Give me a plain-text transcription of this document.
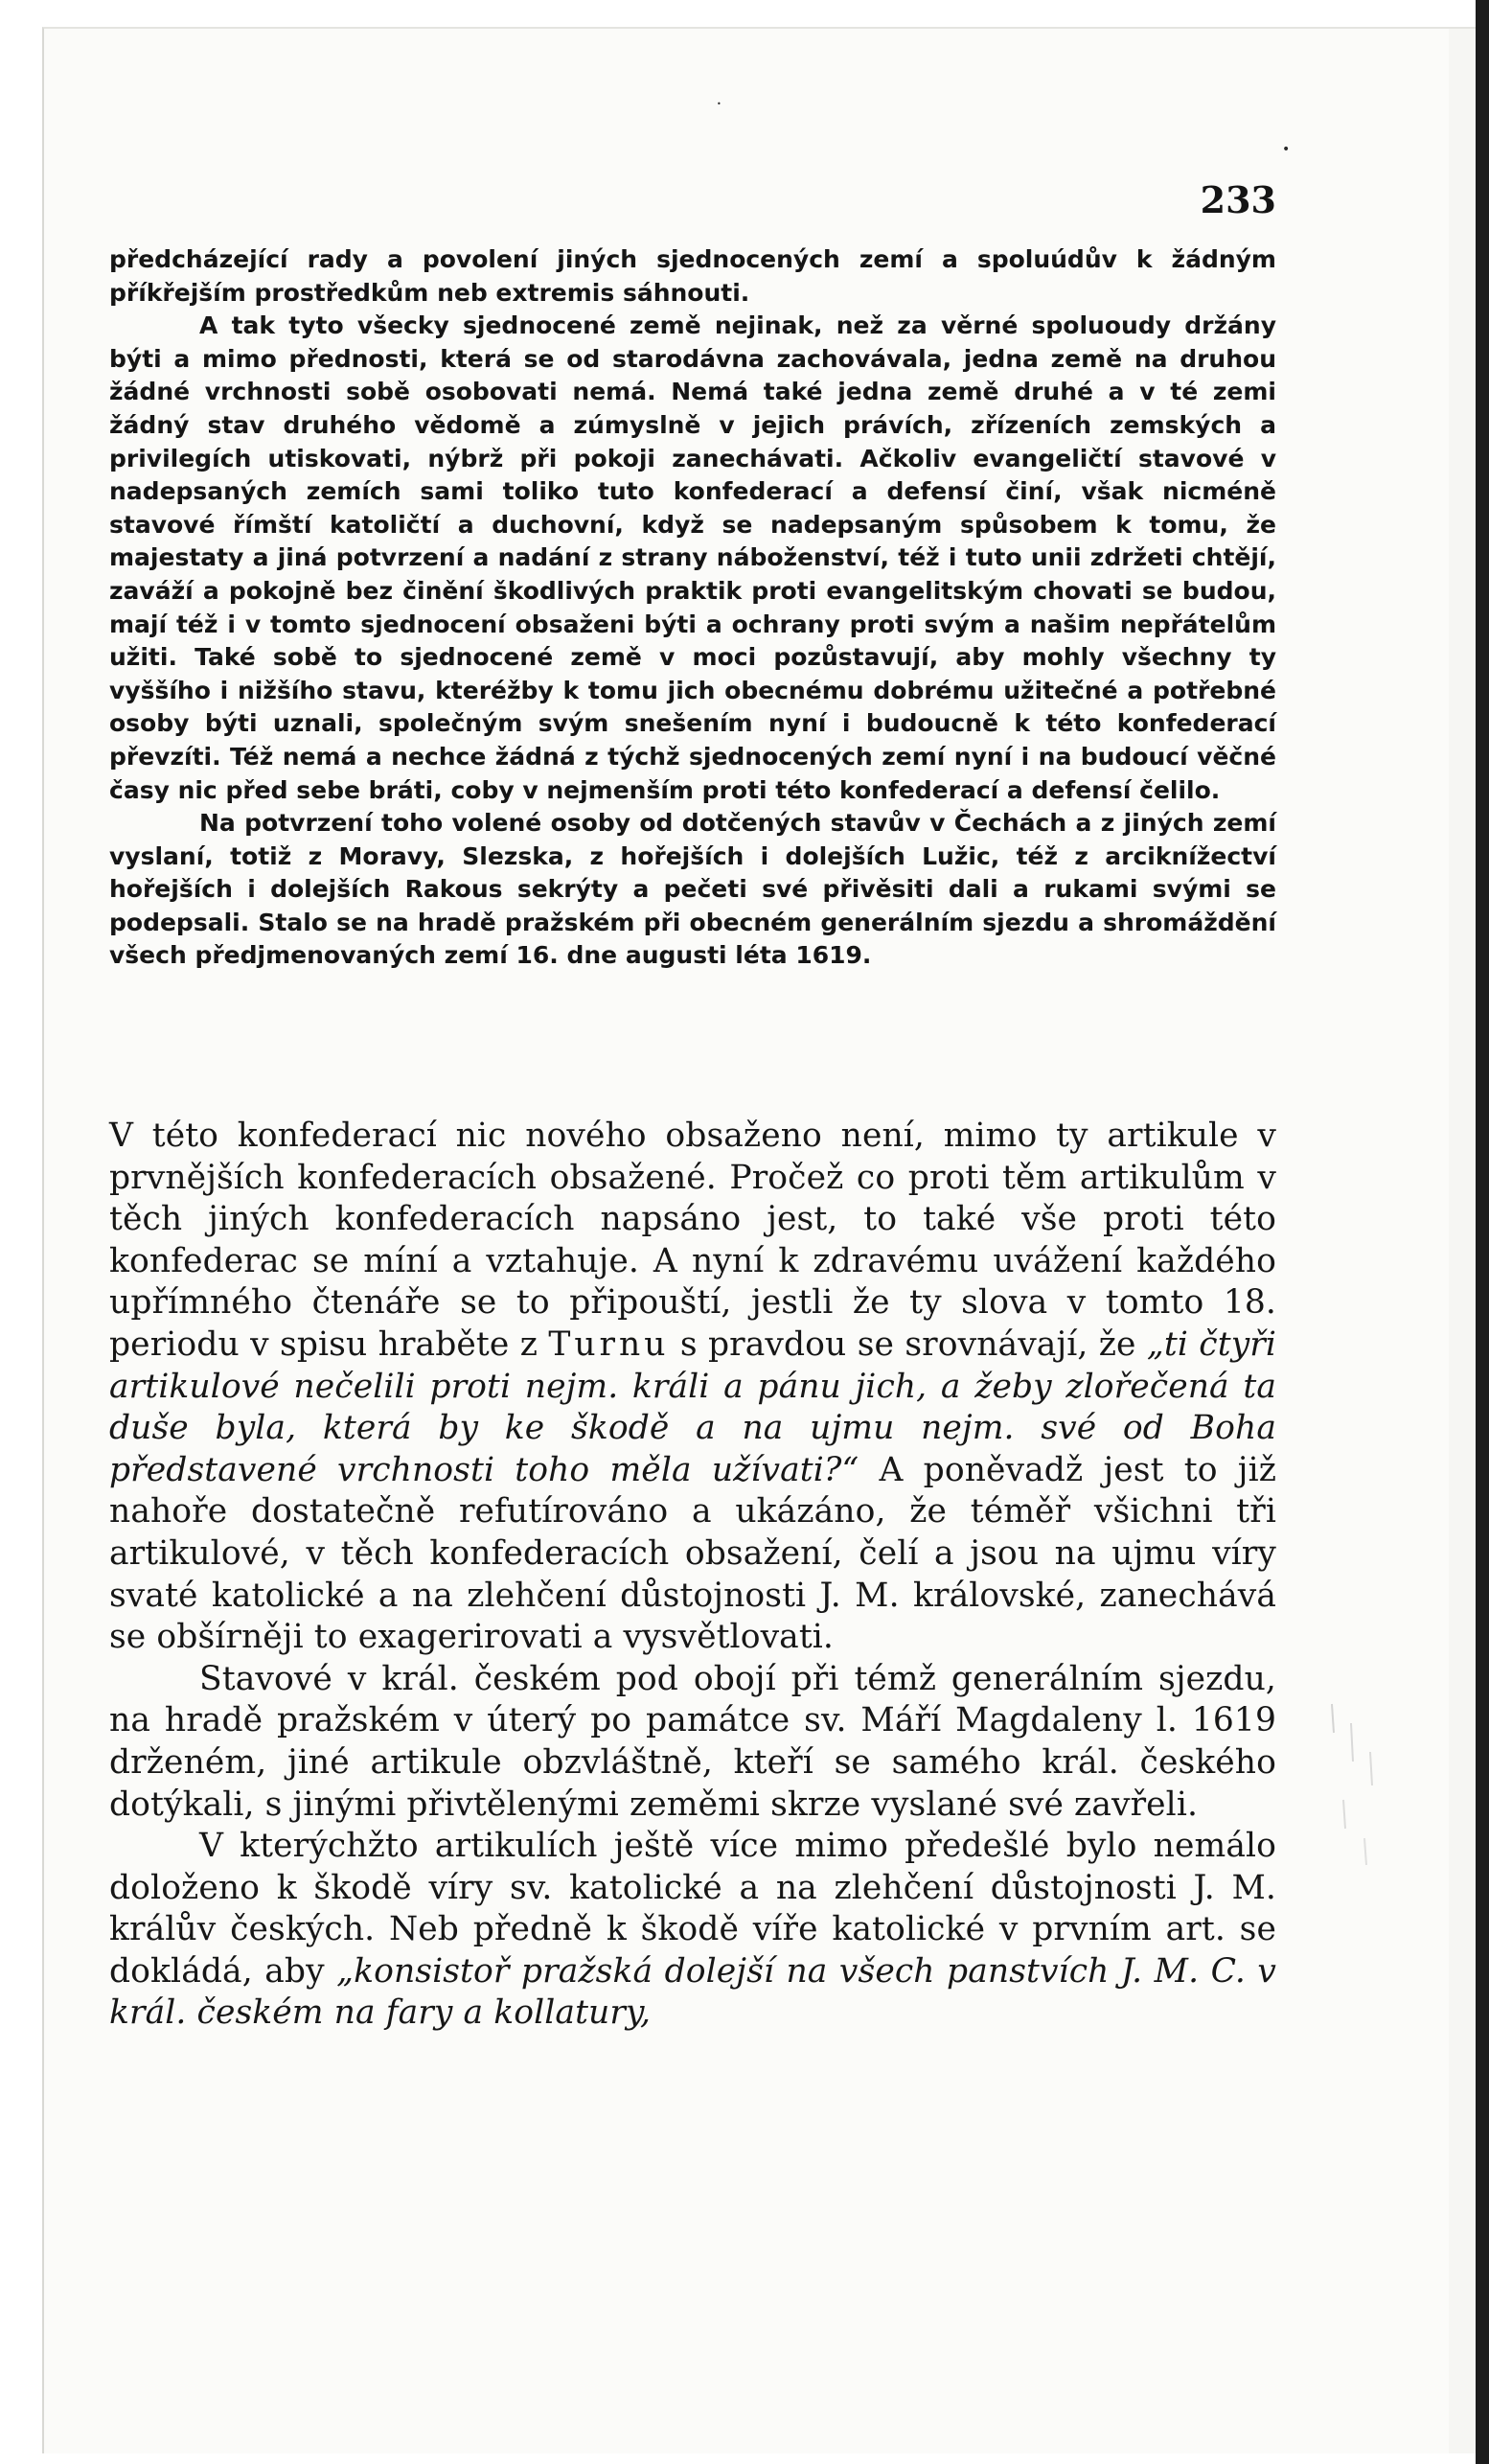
•
•
233

předcházející rady a povolení jiných sjednocených zemí a spoluúdův k žádným příkřejším prostředkům neb extremis sáhnouti.

A tak tyto všecky sjednocené země nejinak, než za věrné spoluoudy držány býti a mimo přednosti, která se od starodávna zachovávala, jedna země na druhou žádné vrchnosti sobě osobovati nemá. Nemá také jedna země druhé a v té zemi žádný stav druhého vědomě a zúmyslně v jejich právích, zřízeních zemských a privilegích utiskovati, nýbrž při pokoji zanechávati. Ačkoliv evangeličtí stavové v nadepsaných zemích sami toliko tuto konfederací a defensí činí, však nicméně stavové římští katoličtí a duchovní, když se nadepsaným spůsobem k tomu, že majestaty a jiná potvrzení a nadání z strany náboženství, též i tuto unii zdržeti chtějí, zaváží a pokojně bez činění škodlivých praktik proti evangelitským chovati se budou, mají též i v tomto sjednocení obsaženi býti a ochrany proti svým a našim nepřátelům užiti. Také sobě to sjednocené země v moci pozůstavují, aby mohly všechny ty vyššího i nižšího stavu, kteréžby k tomu jich obecnému dobrému užitečné a potřebné osoby býti uznali, společným svým snešením nyní i budoucně k této konfederací převzíti. Též nemá a nechce žádná z týchž sjednocených zemí nyní i na budoucí věčné časy nic před sebe bráti, coby v nejmenším proti této konfederací a defensí čelilo.

Na potvrzení toho volené osoby od dotčených stavův v Čechách a z jiných zemí vyslaní, totiž z Moravy, Slezska, z hořejších i dolejších Lužic, též z arciknížectví hořejších i dolejších Rakous sekrýty a pečeti své přivěsiti dali a rukami svými se podepsali. Stalo se na hradě pražském při obecném generálním sjezdu a shromáždění všech předjmenovaných zemí 16. dne augusti léta 1619.

V této konfederací nic nového obsaženo není, mimo ty artikule v prvnějších konfederacích obsažené. Pročež co proti těm artikulům v těch jiných konfederacích napsáno jest, to také vše proti této konfederac se míní a vztahuje. A nyní k zdravému uvážení každého upřímného čtenáře se to připouští, jestli že ty slova v tomto 18. periodu v spisu hraběte z Turnu s pravdou se srovnávají, že „ti čtyři artikulové nečelili proti nejm. králi a pánu jich, a žeby zlořečená ta duše byla, která by ke škodě a na ujmu nejm. své od Boha představené vrchnosti toho měla užívati?“ A poněvadž jest to již nahoře dostatečně refutírováno a ukázáno, že téměř všichni tři artikulové, v těch konfederacích obsažení, čelí a jsou na ujmu víry svaté katolické a na zlehčení důstojnosti J. M. královské, zanechává se obšírněji to exagerirovati a vysvětlovati.

Stavové v král. českém pod obojí při témž generálním sjezdu, na hradě pražském v úterý po památce sv. Máří Magdaleny l. 1619 drženém, jiné artikule obzvláštně, kteří se samého král. českého dotýkali, s jinými přivtělenými zeměmi skrze vyslané své zavřeli.

V kterýchžto artikulích ještě více mimo předešlé bylo nemálo doloženo k škodě víry sv. katolické a na zlehčení důstojnosti J. M. králův českých. Neb předně k škodě víře katolické v prvním art. se dokládá, aby „konsistoř pražská dolejší na všech panstvích J. M. C. v král. českém na fary a kollatury,
